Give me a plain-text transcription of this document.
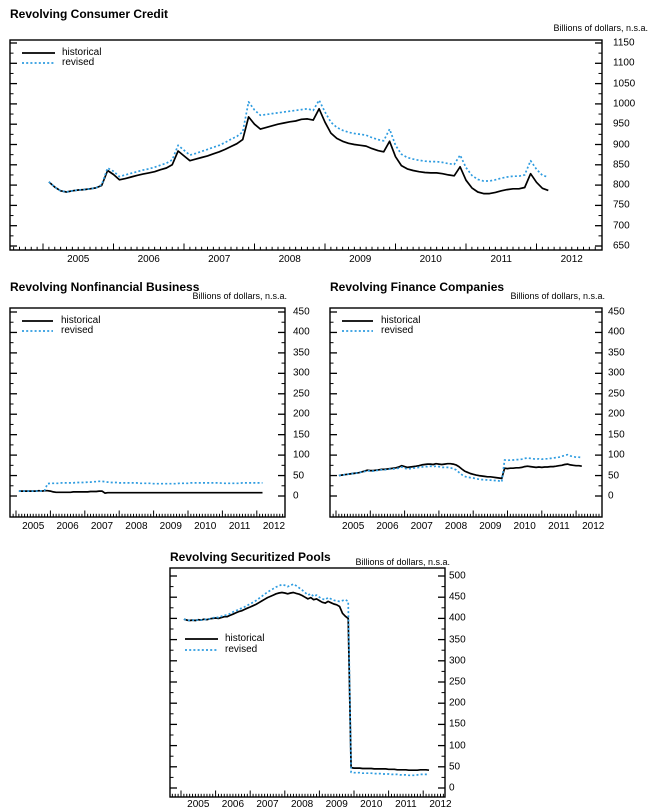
Revolving Consumer Credit
Billions of dollars, n.s.a.
historical
revised
Revolving Nonfinancial Business
Billions of dollars, n.s.a.
historical
revised
Revolving Finance Companies
Billions of dollars, n.s.a.
historical
revised
Revolving Securitized Pools	Billions of dollars, n.s.a.
historical
revised
650
700
750
800
850
900
950
1000
1050
1100
1150
2005	2006	2007	2008	2009	2010	2011	2012
0
50
100
150
200
250
300
350
400
450
2005 2006 2007 2008 2009 2010 2011 2012
0
50
100
150
200
250
300
350
400
450
2005 2006 2007 2008 2009 2010 2011 2012
0
50
100
150
200
250
300
350
400
450
500
2005 2006 2007 2008 2009 2010 2011 2012
